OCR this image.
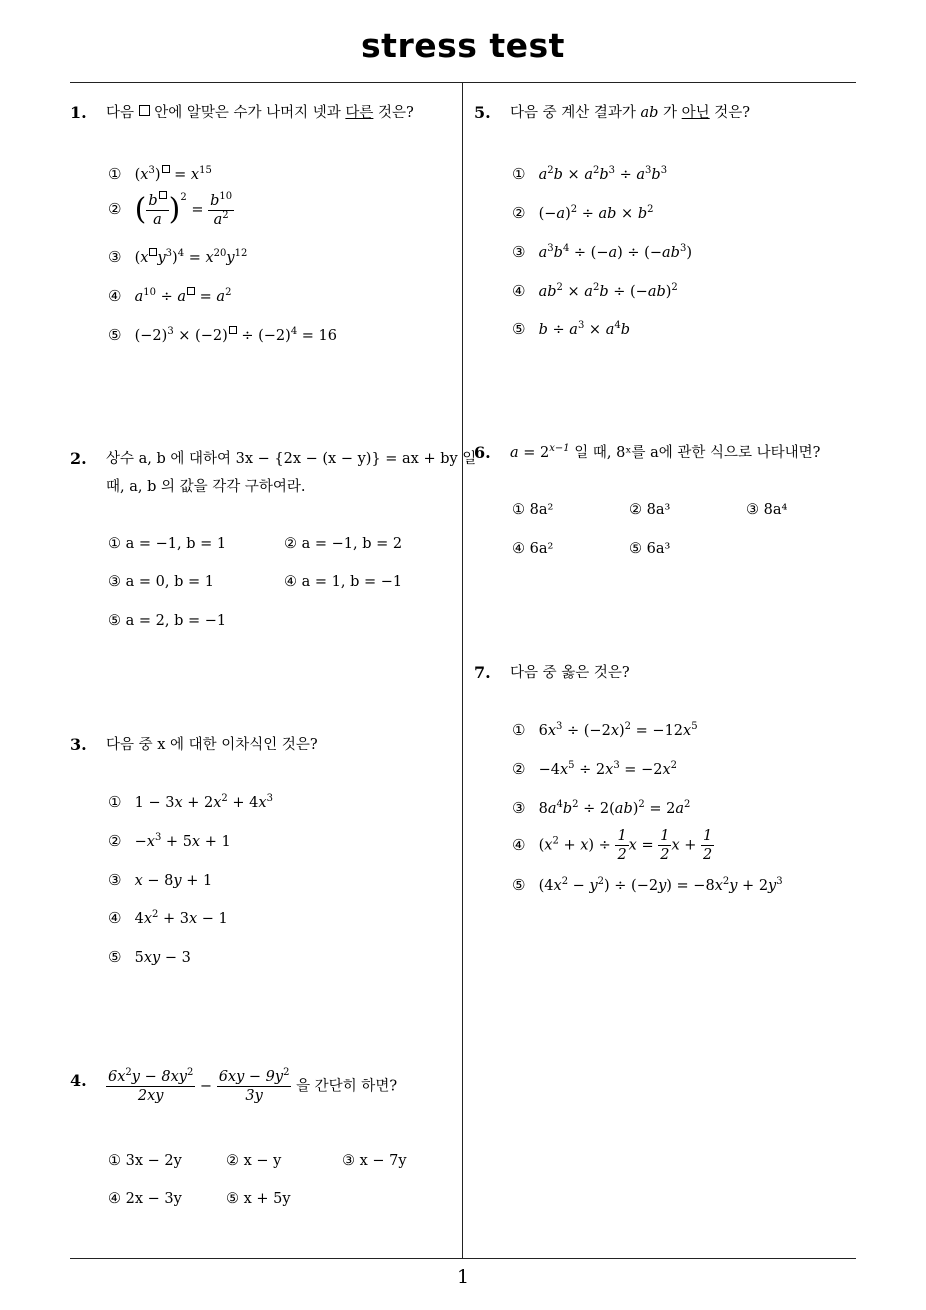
stress test
1. 다음 안에 알맞은 수가 나머지 넷과 다른 것은?
① $(x^3) = x^{15}$
② ( $\frac{b}{a} )^2 = \frac{b^{10}}{a^2}$
③ (x $y^3)^4 = x^{20}y^{12}$
④ $a^{10} \div a = a^2$
⑤ $(-2)^3 \times (-2) \div (-2)^4 = 16$
2. 상수 a, b 에 대하여 3x − {2x − (x − y)} = ax + by 일
때, a, b 의 값을 각각 구하여라.
① a = −1, b = 1	② a = −1, b = 2
③ a = 0, b = 1	④ a = 1, b = −1
⑤ a = 2, b = −1
3. 다음 중 x 에 대한 이차식인 것은?
① $1 - 3x + 2x^2 + 4x^3$
② $-x^3 + 5x + 1$
③ x − 8y + 1
④ $4x^2 + 3x - 1$
⑤ 5xy − 3
4. $\frac{6x^2y - 8xy^2}{2xy} - \frac{6xy - 9y^2}{3y}$ 을 간단히 하면?
① 3x − 2y	② x − y	③ x − 7y
④ 2x − 3y	⑤ x + 5y
5. 다음 중 계산 결과가 ab 가 아닌 것은?
① $a^2b \times a^2b^3 \div a^3b^3$
② $(-a)^2$ ÷ ab × $b^2$
③ $a^3b^4 \div (-a) \div (-ab^3)$
④ $ab^2 \times a^2b \div (-ab)^2$
⑤ $b \div a^3 \times a^4b$
6. $a = 2^{x-1}$ 일 때, 8ˣ를 a에 관한 식으로 나타내면?
① 8a²	② 8a³	③ 8a⁴
④ 6a²	⑤ 6a³
7. 다음 중 옳은 것은?
① $6x^3 \div (-2x)^2 = -12x^5$
② $-4x^5 \div 2x^3 = -2x^2$
③ $8a^4b^2 \div 2(ab)^2 = 2a^2$
④ $(x^2 + x) \div \frac{1}{2}$ $x = \frac{1}{2}$ $x + \frac{1}{2}$
⑤ $(4x^2 - y^2) \div (-2y) = -8x^2y + 2y^3$
1
